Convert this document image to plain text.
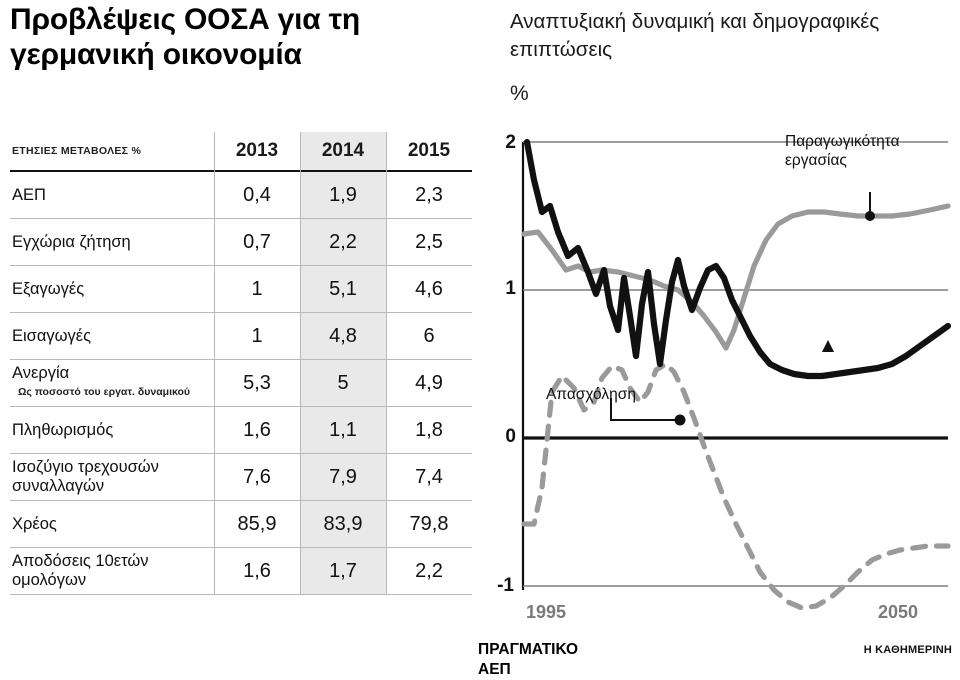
Προβλέψεις ΟΟΣΑ για τη γερμανική οικονομία
ΕΤΗΣΙΕΣ ΜΕΤΑΒΟΛΕΣ %	2013	2014	2015
ΑΕΠ	0,4	1,9	2,3
Εγχώρια ζήτηση	0,7	2,2	2,5
Εξαγωγές	1	5,1	4,6
Εισαγωγές	1	4,8	6
ΑνεργίαΩς ποσοστό του εργατ. δυναμικού	5,3	5	4,9
Πληθωρισμός	1,6	1,1	1,8
Ισοζύγιο τρεχουσών συναλλαγών	7,6	7,9	7,4
Χρέος	85,9	83,9	79,8
Αποδόσεις 10ετών ομολόγων	1,6	1,7	2,2
Αναπτυξιακή δυναμική και δημογραφικές επιπτώσεις
%
2
1
0
-1
1995	2050
Παραγωγικότητα εργασίας
ΠΡΑΓΜΑΤΙΚΟ ΑΕΠ
Απασχόληση
Η ΚΑΘΗΜΕΡΙΝΗ
